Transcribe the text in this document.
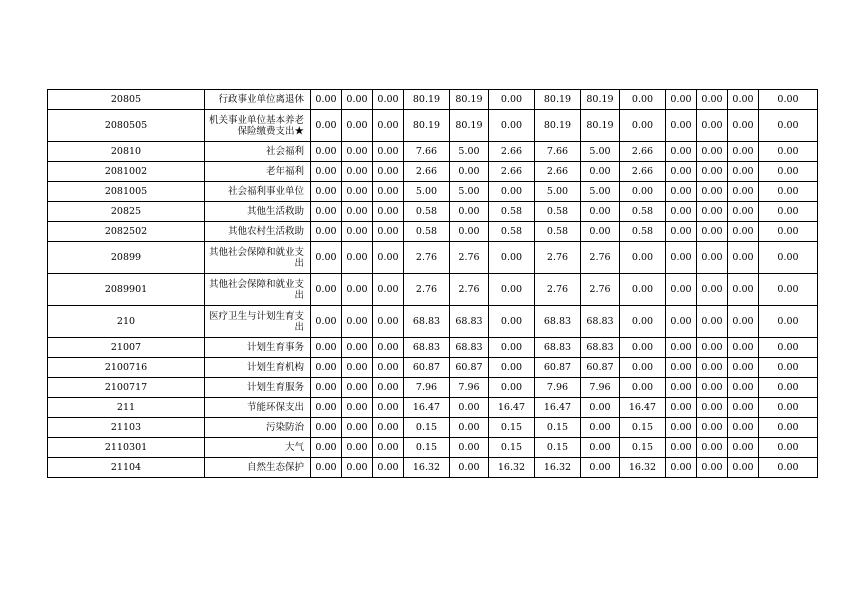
20805	行政事业单位离退休	0.00	0.00	0.00	80.19	80.19	0.00	80.19	80.19	0.00	0.00	0.00	0.00	0.00
2080505	机关事业单位基本养老保险缴费支出★	0.00	0.00	0.00	80.19	80.19	0.00	80.19	80.19	0.00	0.00	0.00	0.00	0.00
20810	社会福利	0.00	0.00	0.00	7.66	5.00	2.66	7.66	5.00	2.66	0.00	0.00	0.00	0.00
2081002	老年福利	0.00	0.00	0.00	2.66	0.00	2.66	2.66	0.00	2.66	0.00	0.00	0.00	0.00
2081005	社会福利事业单位	0.00	0.00	0.00	5.00	5.00	0.00	5.00	5.00	0.00	0.00	0.00	0.00	0.00
20825	其他生活救助	0.00	0.00	0.00	0.58	0.00	0.58	0.58	0.00	0.58	0.00	0.00	0.00	0.00
2082502	其他农村生活救助	0.00	0.00	0.00	0.58	0.00	0.58	0.58	0.00	0.58	0.00	0.00	0.00	0.00
20899	其他社会保障和就业支出	0.00	0.00	0.00	2.76	2.76	0.00	2.76	2.76	0.00	0.00	0.00	0.00	0.00
2089901	其他社会保障和就业支出	0.00	0.00	0.00	2.76	2.76	0.00	2.76	2.76	0.00	0.00	0.00	0.00	0.00
210	医疗卫生与计划生育支出	0.00	0.00	0.00	68.83	68.83	0.00	68.83	68.83	0.00	0.00	0.00	0.00	0.00
21007	计划生育事务	0.00	0.00	0.00	68.83	68.83	0.00	68.83	68.83	0.00	0.00	0.00	0.00	0.00
2100716	计划生育机构	0.00	0.00	0.00	60.87	60.87	0.00	60.87	60.87	0.00	0.00	0.00	0.00	0.00
2100717	计划生育服务	0.00	0.00	0.00	7.96	7.96	0.00	7.96	7.96	0.00	0.00	0.00	0.00	0.00
211	节能环保支出	0.00	0.00	0.00	16.47	0.00	16.47	16.47	0.00	16.47	0.00	0.00	0.00	0.00
21103	污染防治	0.00	0.00	0.00	0.15	0.00	0.15	0.15	0.00	0.15	0.00	0.00	0.00	0.00
2110301	大气	0.00	0.00	0.00	0.15	0.00	0.15	0.15	0.00	0.15	0.00	0.00	0.00	0.00
21104	自然生态保护	0.00	0.00	0.00	16.32	0.00	16.32	16.32	0.00	16.32	0.00	0.00	0.00	0.00
